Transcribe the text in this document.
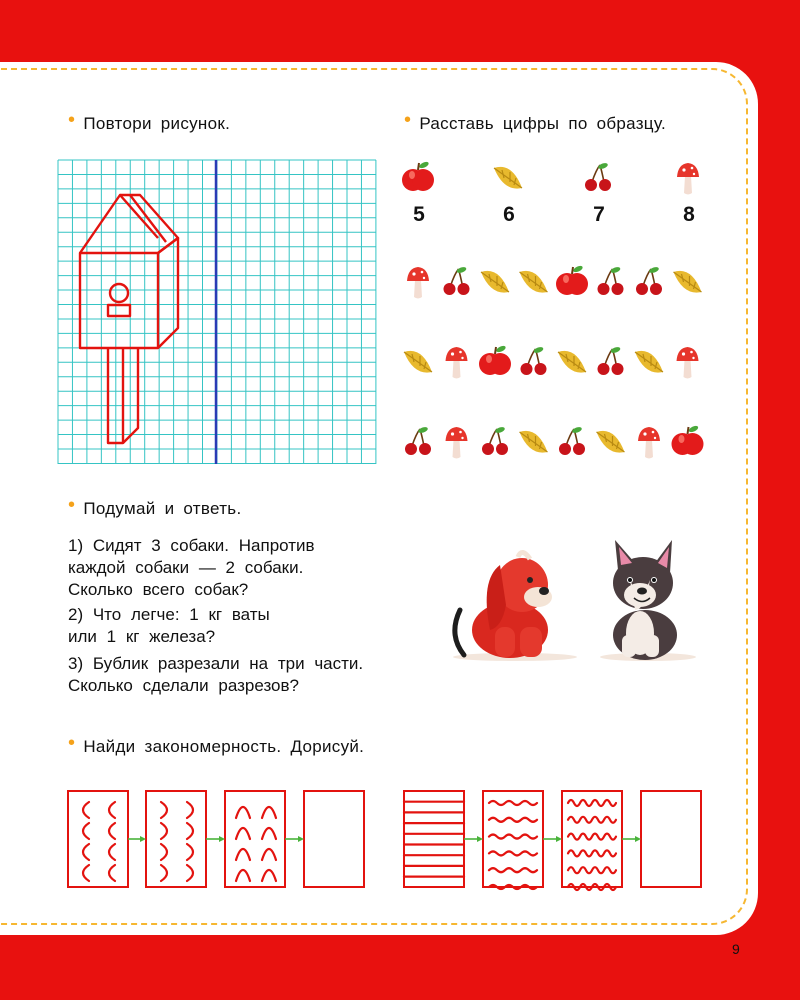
• Повтори рисунок.	• Расставь цифры по образцу.
• Подумай и ответь.
• Найди закономерность. Дорисуй.
5	6	7	8
1) Сидят 3 собаки. Напротив
каждой собаки — 2 собаки.
Сколько всего собак?
2) Что легче: 1 кг ваты
или 1 кг железа?
3) Бублик разрезали на три части.
Сколько сделали разрезов?
9
